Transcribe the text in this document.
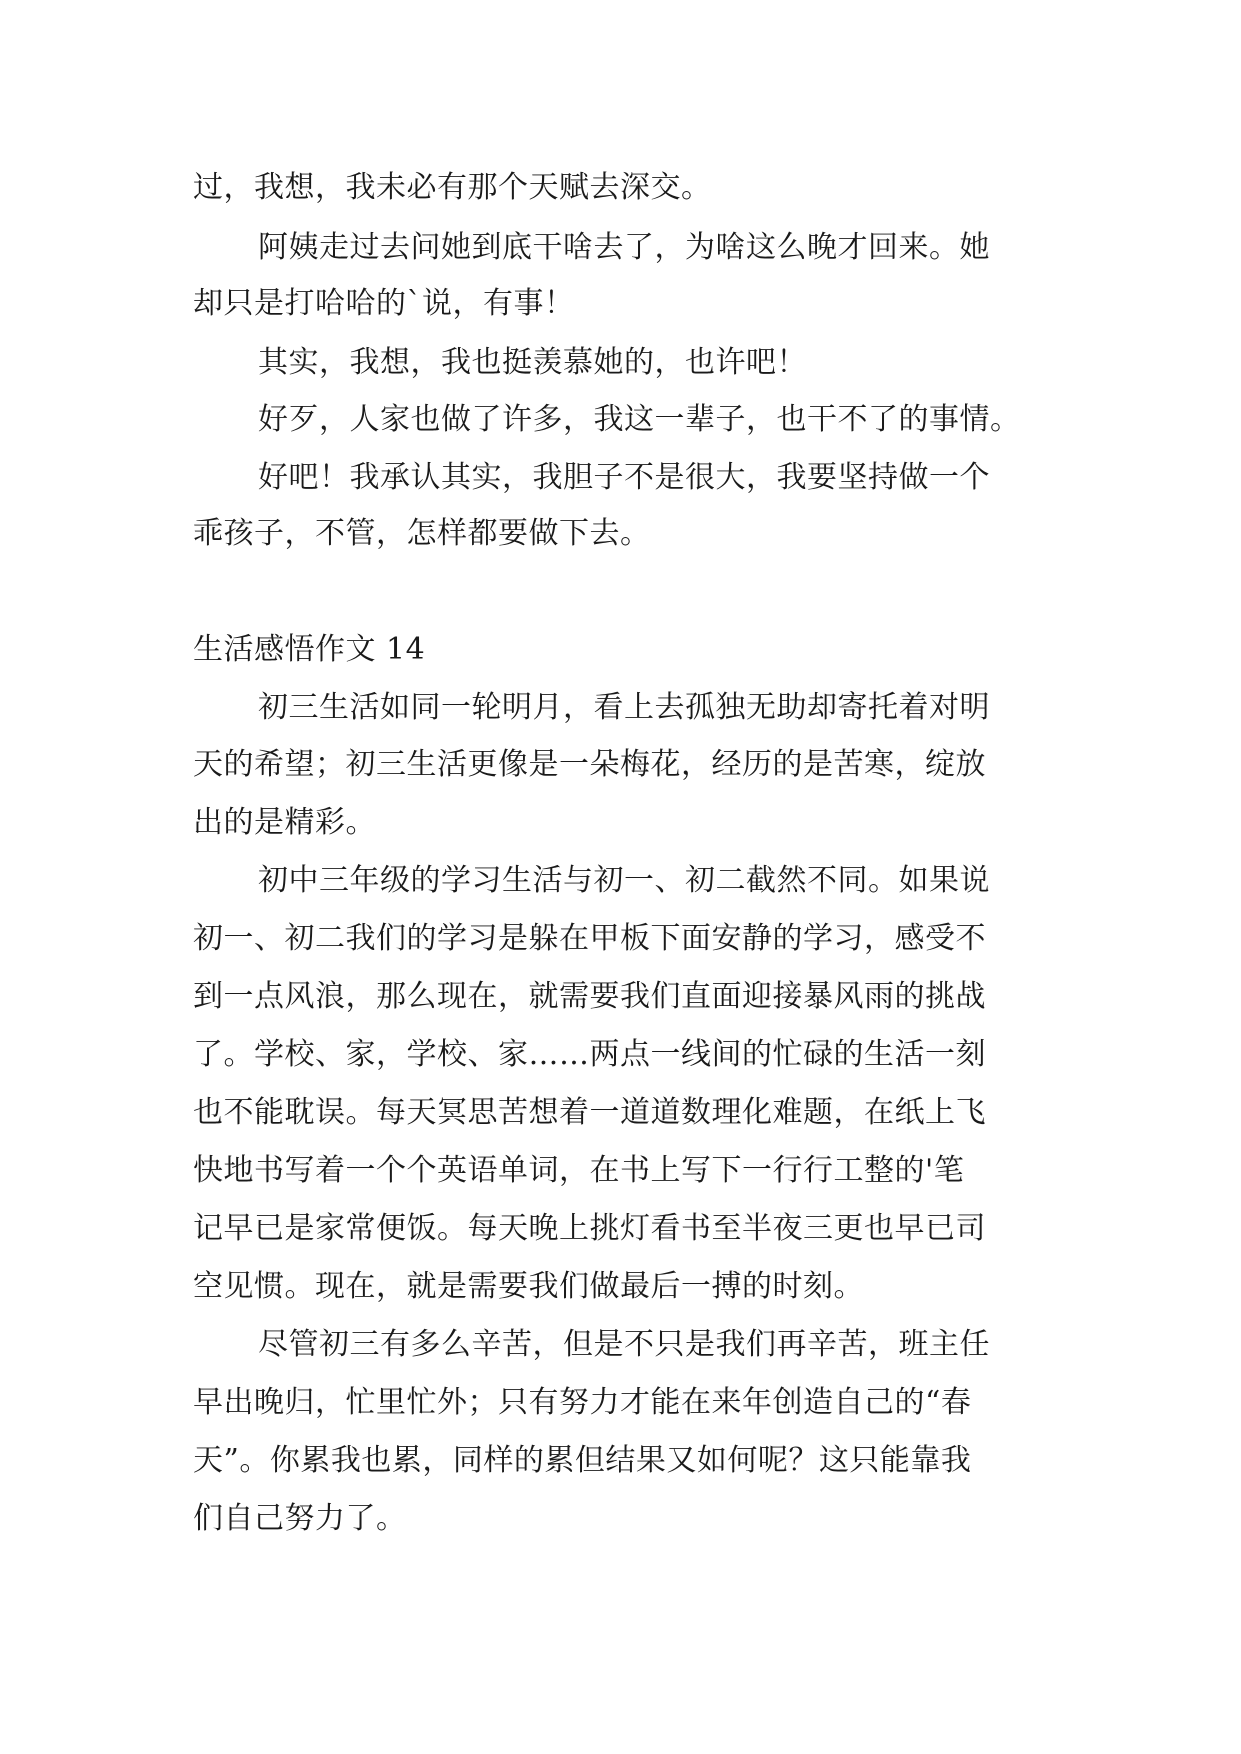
过，我想，我未必有那个天赋去深交。
阿姨走过去问她到底干啥去了，为啥这么晚才回来。她
却只是打哈哈的`说，有事！
其实，我想，我也挺羡慕她的，也许吧！
好歹，人家也做了许多，我这一辈子，也干不了的事情。
好吧！我承认其实，我胆子不是很大，我要坚持做一个
乖孩子，不管，怎样都要做下去。
生活感悟作文 14
初三生活如同一轮明月，看上去孤独无助却寄托着对明
天的希望；初三生活更像是一朵梅花，经历的是苦寒，绽放
出的是精彩。
初中三年级的学习生活与初一、初二截然不同。如果说
初一、初二我们的学习是躲在甲板下面安静的学习，感受不
到一点风浪，那么现在，就需要我们直面迎接暴风雨的挑战
了。学校、家，学校、家……两点一线间的忙碌的生活一刻
也不能耽误。每天冥思苦想着一道道数理化难题，在纸上飞
快地书写着一个个英语单词，在书上写下一行行工整的'笔
记早已是家常便饭。每天晚上挑灯看书至半夜三更也早已司
空见惯。现在，就是需要我们做最后一搏的时刻。
尽管初三有多么辛苦，但是不只是我们再辛苦，班主任
早出晚归，忙里忙外；只有努力才能在来年创造自己的“春
天”。你累我也累，同样的累但结果又如何呢？这只能靠我
们自己努力了。
